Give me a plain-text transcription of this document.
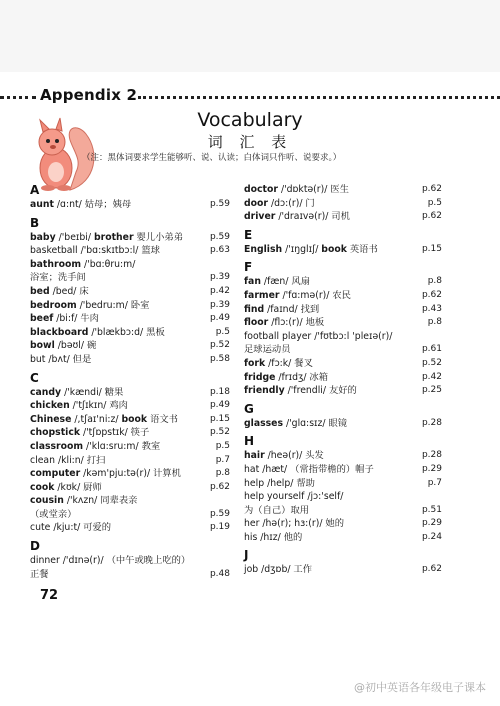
Appendix 2
Vocabulary
词 汇 表
（注：黑体词要求学生能够听、说、认读；白体词只作听、说要求。）
A
aunt /ɑ:nt/ 姑母；姨母	p.59
B
baby /'beɪbi/ brother 婴儿小弟弟	p.59
basketball /'bɑ:skɪtbɔ:l/ 篮球	p.63
bathroom /'bɑ:θru:m/
浴室；洗手间	p.39
bed /bed/ 床	p.42
bedroom /'bedru:m/ 卧室	p.39
beef /bi:f/ 牛肉	p.49
blackboard /'blækbɔ:d/ 黑板	p.5
bowl /bəʊl/ 碗	p.52
but /bʌt/ 但是	p.58
C
candy /'kændi/ 糖果	p.18
chicken /'tʃɪkɪn/ 鸡肉	p.49
Chinese /,tʃaɪ'ni:z/ book 语文书	p.15
chopstick /'tʃɒpstɪk/ 筷子	p.52
classroom /'klɑ:sru:m/ 教室	p.5
clean /kli:n/ 打扫	p.7
computer /kəm'pju:tə(r)/ 计算机	p.8
cook /kʊk/ 厨师	p.62
cousin /'kʌzn/ 同辈表亲
（或堂亲）	p.59
cute /kju:t/ 可爱的	p.19
D
dinner /'dɪnə(r)/ （中午或晚上吃的）
正餐	p.48
doctor /'dɒktə(r)/ 医生	p.62
door /dɔ:(r)/ 门	p.5
driver /'draɪvə(r)/ 司机	p.62
E
English /'ɪŋglɪʃ/ book 英语书	p.15
F
fan /fæn/ 风扇	p.8
farmer /'fɑ:mə(r)/ 农民	p.62
find /faɪnd/ 找到	p.43
floor /flɔ:(r)/ 地板	p.8
football player /'fʊtbɔ:l 'pleɪə(r)/
足球运动员	p.61
fork /fɔ:k/ 餐叉	p.52
fridge /frɪdʒ/ 冰箱	p.42
friendly /'frendli/ 友好的	p.25
G
glasses /'glɑ:sɪz/ 眼镜	p.28
H
hair /heə(r)/ 头发	p.28
hat /hæt/ （常指带檐的）帽子	p.29
help /help/ 帮助	p.7
help yourself /jɔ:'self/
为（自己）取用	p.51
her /hə(r); hɜ:(r)/ 她的	p.29
his /hɪz/ 他的	p.24
J
job /dʒɒb/ 工作	p.62
72
@初中英语各年级电子课本
